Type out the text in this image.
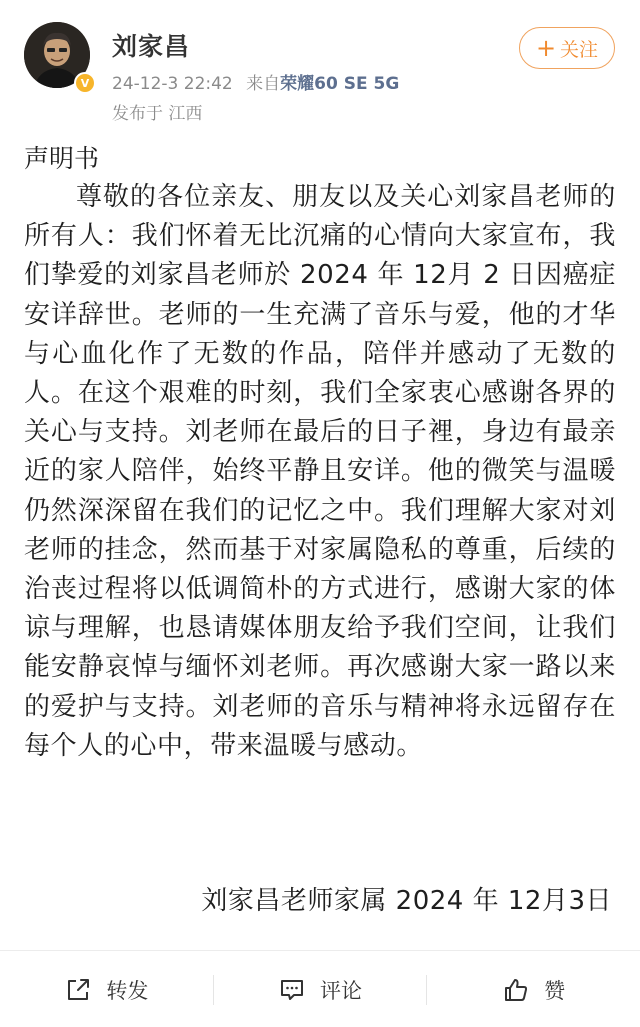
V
刘家昌
24-12-3 22:42 来自荣耀60 SE 5G
发布于 江西
+ 关注

声明书

尊敬的各位亲友、朋友以及关心刘家昌老师的所有人：我们怀着无比沉痛的心情向大家宣布，我们挚爱的刘家昌老师於 2024 年 12月 2 日因癌症安详辞世。老师的一生充满了音乐与爱，他的才华与心血化作了无数的作品，陪伴并感动了无数的人。在这个艰难的时刻，我们全家衷心感谢各界的关心与支持。刘老师在最后的日子裡，身边有最亲近的家人陪伴，始终平静且安详。他的微笑与温暖仍然深深留在我们的记忆之中。我们理解大家对刘老师的挂念，然而基于对家属隐私的尊重，后续的治丧过程将以低调简朴的方式进行，感谢大家的体谅与理解，也恳请媒体朋友给予我们空间，让我们能安静哀悼与缅怀刘老师。再次感谢大家一路以来的爱护与支持。刘老师的音乐与精神将永远留存在每个人的心中，带来温暖与感动。

刘家昌老师家属 2024 年 12月3日
转发	评论	赞
